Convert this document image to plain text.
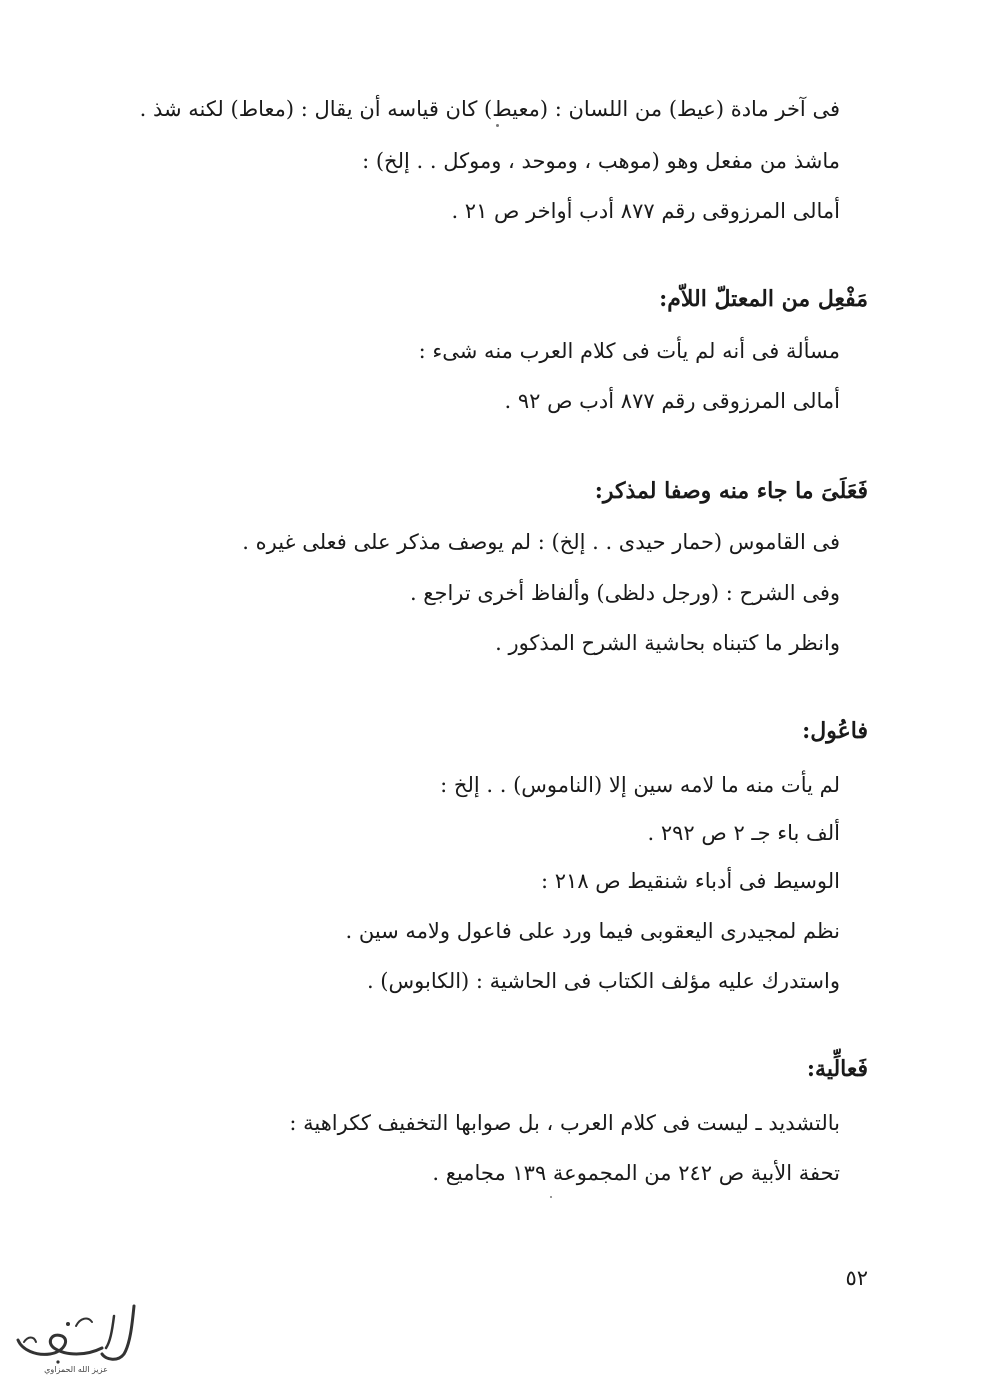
فى آخر مادة (عيط) من اللسان : (معيط) كان قياسه أن يقال : (معاط) لكنه شذ .
ماشذ من مفعل وهو (موهب ، وموحد ، وموكل . . إلخ) :
أمالى المرزوقى رقم ٨٧٧ أدب أواخر ص ٢١ .
مَفْعِل من المعتلّ اللاّم:
مسألة فى أنه لم يأت فى كلام العرب منه شىء :
أمالى المرزوقى رقم ٨٧٧ أدب ص ٩٢ .
فَعَلَىَ ما جاء منه وصفا لمذكر:
فى القاموس (حمار حيدى . . إلخ) : لم يوصف مذكر على فعلى غيره .
وفى الشرح : (ورجل دلظى) وألفاظ أخرى تراجع .
وانظر ما كتبناه بحاشية الشرح المذكور .
فاعُول:
لم يأت منه ما لامه سين إلا (الناموس) . . إلخ :
ألف باء جـ ٢ ص ٢٩٢ .
الوسيط فى أدباء شنقيط ص ٢١٨ :
نظم لمجيدرى اليعقوبى فيما ورد على فاعول ولامه سين .
واستدرك عليه مؤلف الكتاب فى الحاشية : (الكابوس) .
فَعالِّية:
بالتشديد ـ ليست فى كلام العرب ، بل صوابها التخفيف ككراهية :
تحفة الأبية ص ٢٤٢ من المجموعة ١٣٩ مجاميع .
٥٢
عزيز الله الحمزاوي
